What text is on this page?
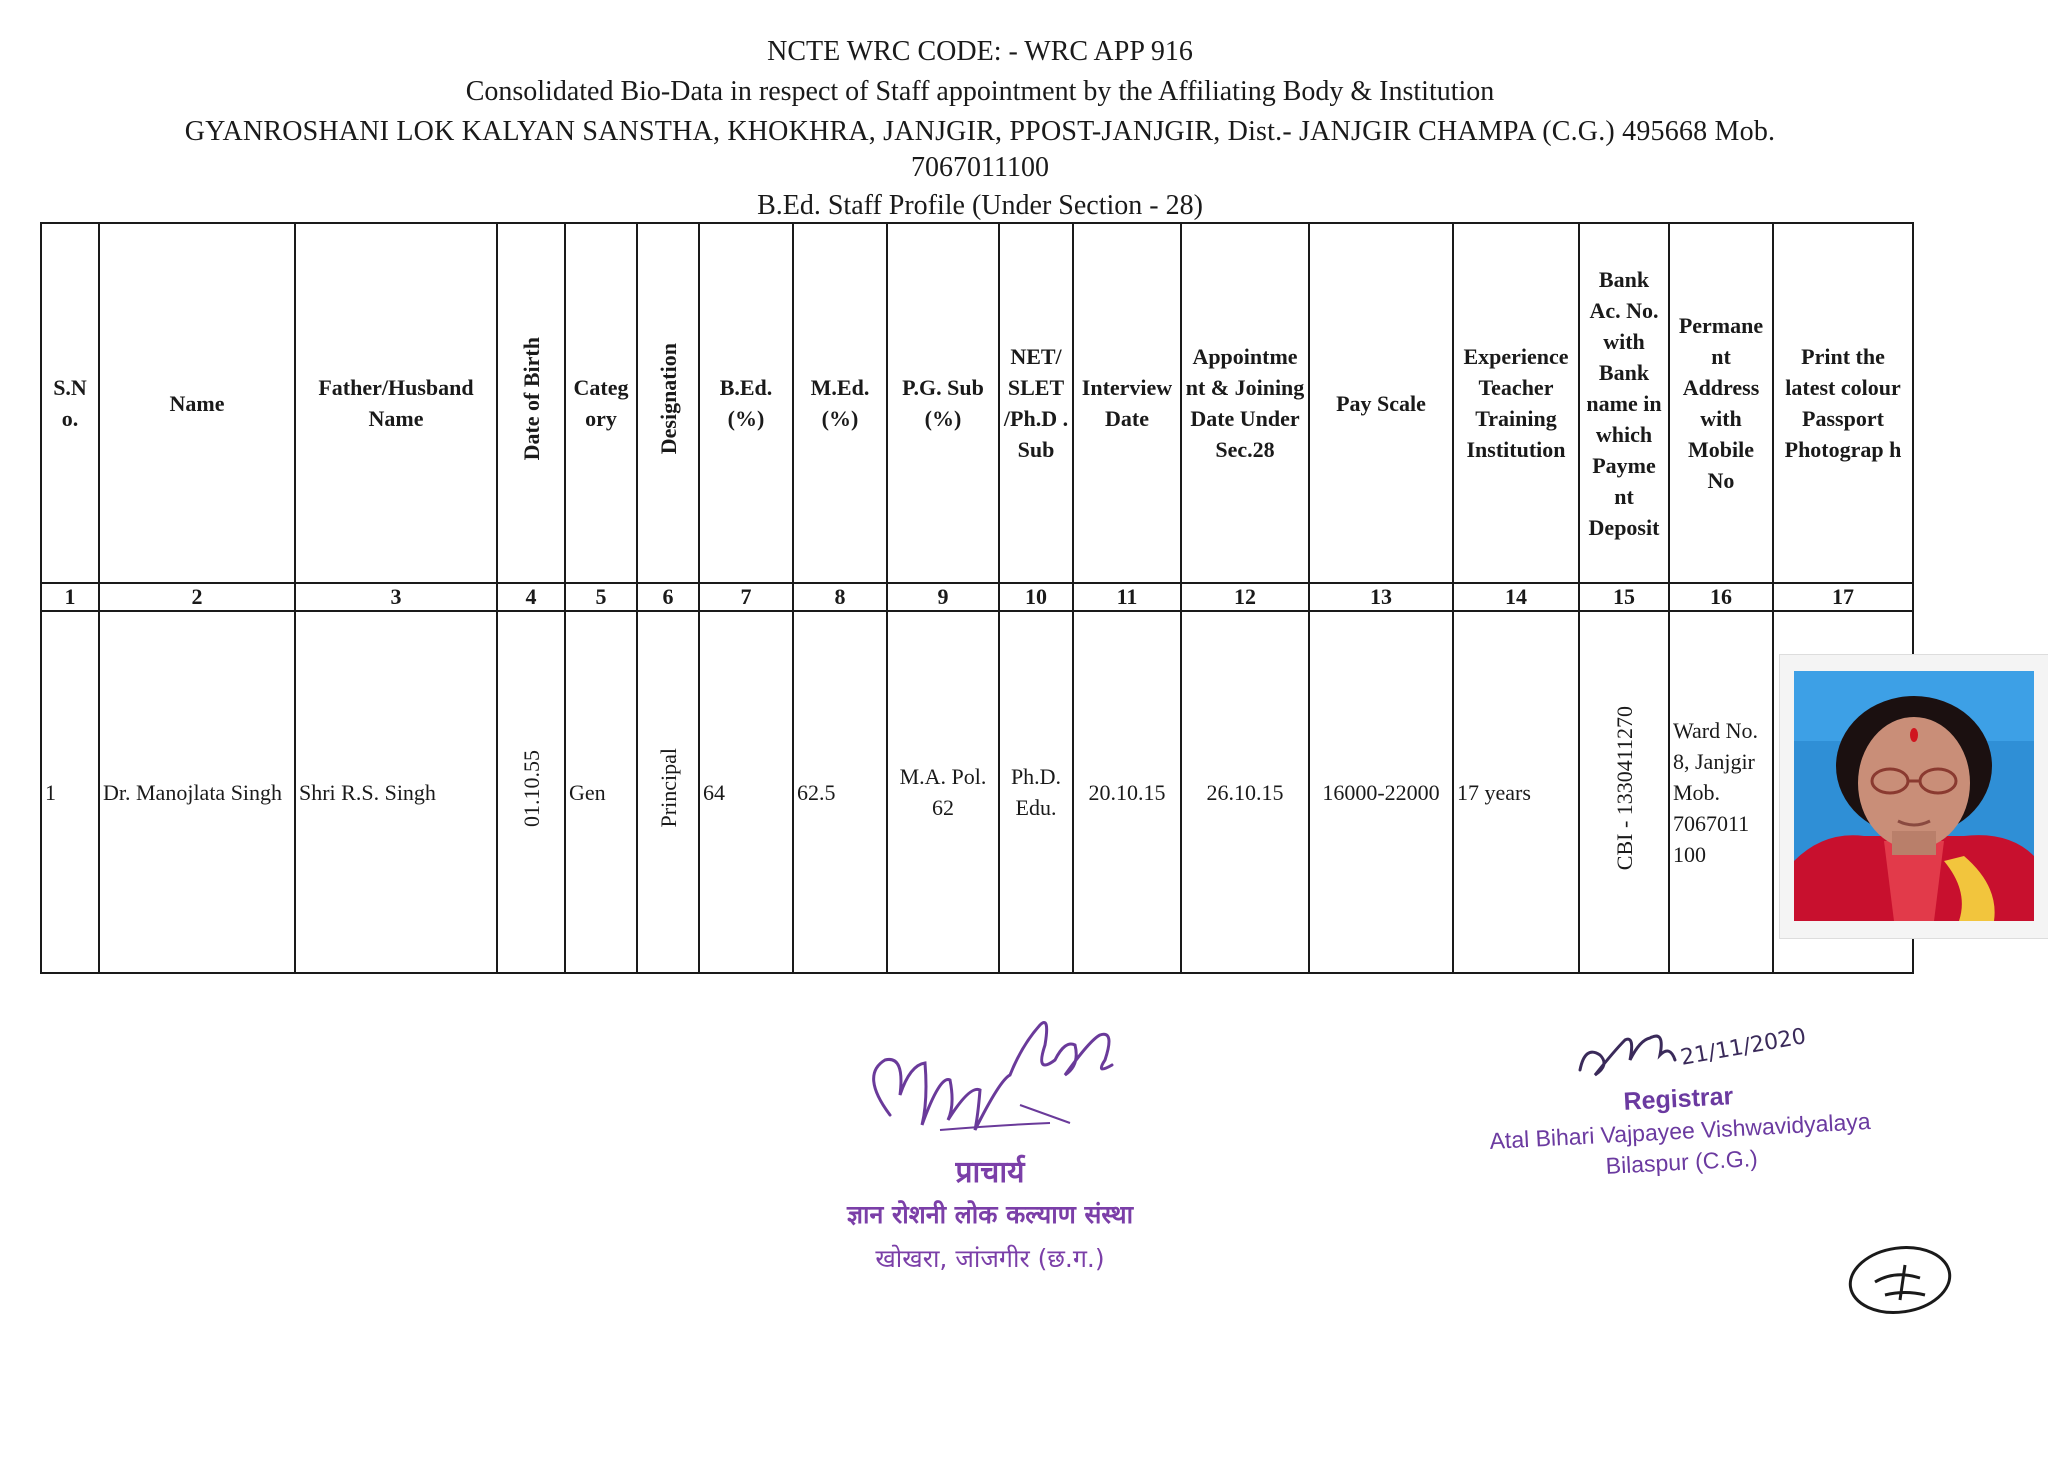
NCTE WRC CODE: - WRC APP 916
Consolidated Bio-Data in respect of Staff appointment by the Affiliating Body & Institution
GYANROSHANI LOK KALYAN SANSTHA, KHOKHRA, JANJGIR, PPOST-JANJGIR, Dist.- JANJGIR CHAMPA (C.G.) 495668 Mob.
7067011100
B.Ed. Staff Profile (Under Section - 28)
S.N o.	Name	Father/Husband Name	Date of Birth	Categ ory	Designation	B.Ed. (%)	M.Ed. (%)	P.G. Sub (%)	NET/ SLET /Ph.D . Sub	Interview Date	Appointme nt & Joining Date Under Sec.28	Pay Scale	Experience Teacher Training Institution	Bank Ac. No. with Bank name in which Payme nt Deposit	Permane nt Address with Mobile No	Print the latest colour Passport Photograp h
1	2	3	4	5	6	7	8	9	10	11	12	13	14	15	16	17
1	Dr. Manojlata Singh	Shri R.S. Singh	01.10.55	Gen	Principal	64	62.5	M.A. Pol. 62	Ph.D. Edu.	20.10.15	26.10.15	16000-22000	17 years	CBI - 1330411270	Ward No. 8, Janjgir Mob. 7067011 100	
प्राचार्य
ज्ञान रोशनी लोक कल्याण संस्था
खोखरा, जांजगीर (छ.ग.)
21/11/2020
Registrar
Atal Bihari Vajpayee Vishwavidyalaya
Bilaspur (C.G.)
